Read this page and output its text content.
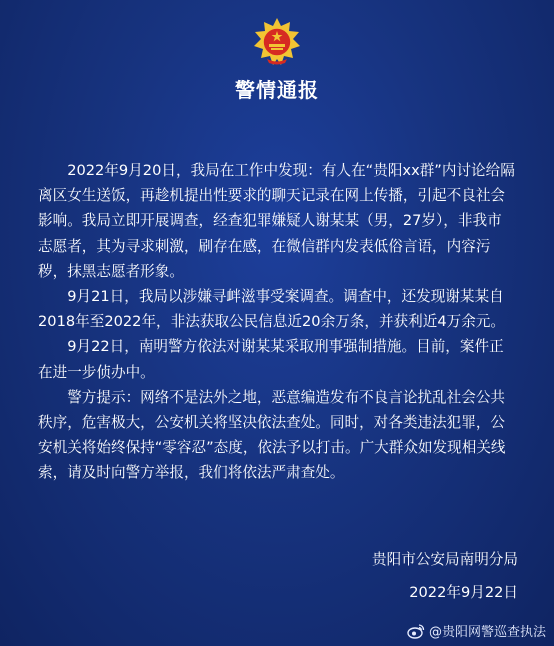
警情通报

2022年9月20日，我局在工作中发现：有人在“贵阳xx群”内讨论给隔离区女生送饭，再趁机提出性要求的聊天记录在网上传播，引起不良社会影响。我局立即开展调查，经查犯罪嫌疑人谢某某（男，27岁），非我市志愿者，其为寻求刺激，刷存在感，在微信群内发表低俗言语，内容污秽，抹黑志愿者形象。

9月21日，我局以涉嫌寻衅滋事受案调查。调查中，还发现谢某某自2018年至2022年，非法获取公民信息近20余万条，并获利近4万余元。

9月22日，南明警方依法对谢某某采取刑事强制措施。目前，案件正在进一步侦办中。

警方提示：网络不是法外之地，恶意编造发布不良言论扰乱社会公共秩序，危害极大，公安机关将坚决依法查处。同时，对各类违法犯罪，公安机关将始终保持“零容忍”态度，依法予以打击。广大群众如发现相关线索，请及时向警方举报，我们将依法严肃查处。

贵阳市公安局南明分局
2022年9月22日
@贵阳网警巡查执法
